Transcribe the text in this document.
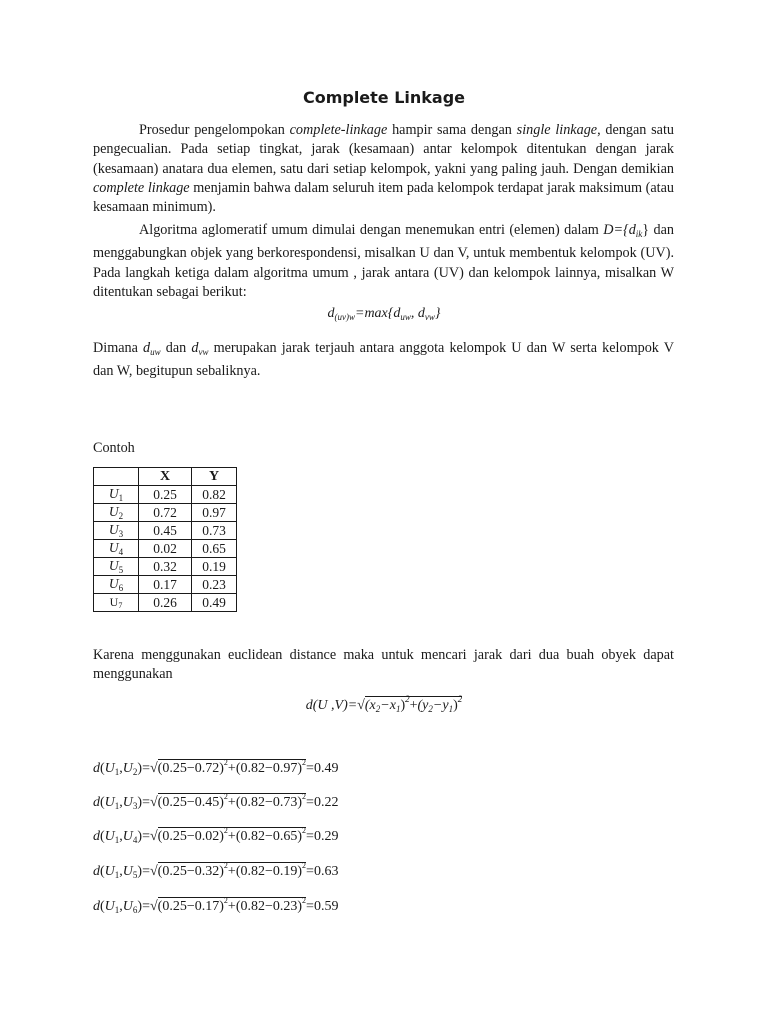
Complete Linkage

Prosedur pengelompokan complete-linkage hampir sama dengan single linkage, dengan satu pengecualian. Pada setiap tingkat, jarak (kesamaan) antar kelompok ditentukan dengan jarak (kesamaan) anatara dua elemen, satu dari setiap kelompok, yakni yang paling jauh. Dengan demikian complete linkage menjamin bahwa dalam seluruh item pada kelompok terdapat jarak maksimum (atau kesamaan minimum).

Algoritma aglomeratif umum dimulai dengan menemukan entri (elemen) dalam $D=\{d_{ik}\}$ dan menggabungkan objek yang berkorespondensi, misalkan U dan V, untuk membentuk kelompok (UV). Pada langkah ketiga dalam algoritma umum , jarak antara (UV) dan kelompok lainnya, misalkan W ditentukan sebagai berikut:

$d_{(uv)w}=\max\{d_{uw}$, $d_{vw}$}

Dimana $d_{uw}$ dan $d_{vw}$ merupakan jarak terjauh antara anggota kelompok U dan W serta kelompok V dan W, begitupun sebaliknya.

Contoh
	X	Y
$U_1$	0.25	0.82
$U_2$	0.72	0.97
$U_3$	0.45	0.73
$U_4$	0.02	0.65
$U_5$	0.32	0.19
$U_6$	0.17	0.23
U7	0.26	0.49
Karena menggunakan euclidean distance maka untuk mencari jarak dari dua buah obyek dapat menggunakan
d(U $,V)=√(x_2-x_1)^2+(y_2-y_1)^2$
$d(U_1,U_2)=√(0.25-0.72)^2+(0.82-0.97)^2=0.49$
$d(U_1,U_3)=√(0.25-0.45)^2+(0.82-0.73)^2=0.22$
$d(U_1,U_4)=√(0.25-0.02)^2+(0.82-0.65)^2=0.29$
$d(U_1,U_5)=√(0.25-0.32)^2+(0.82-0.19)^2=0.63$
$d(U_1,U_6)=√(0.25-0.17)^2+(0.82-0.23)^2=0.59$
